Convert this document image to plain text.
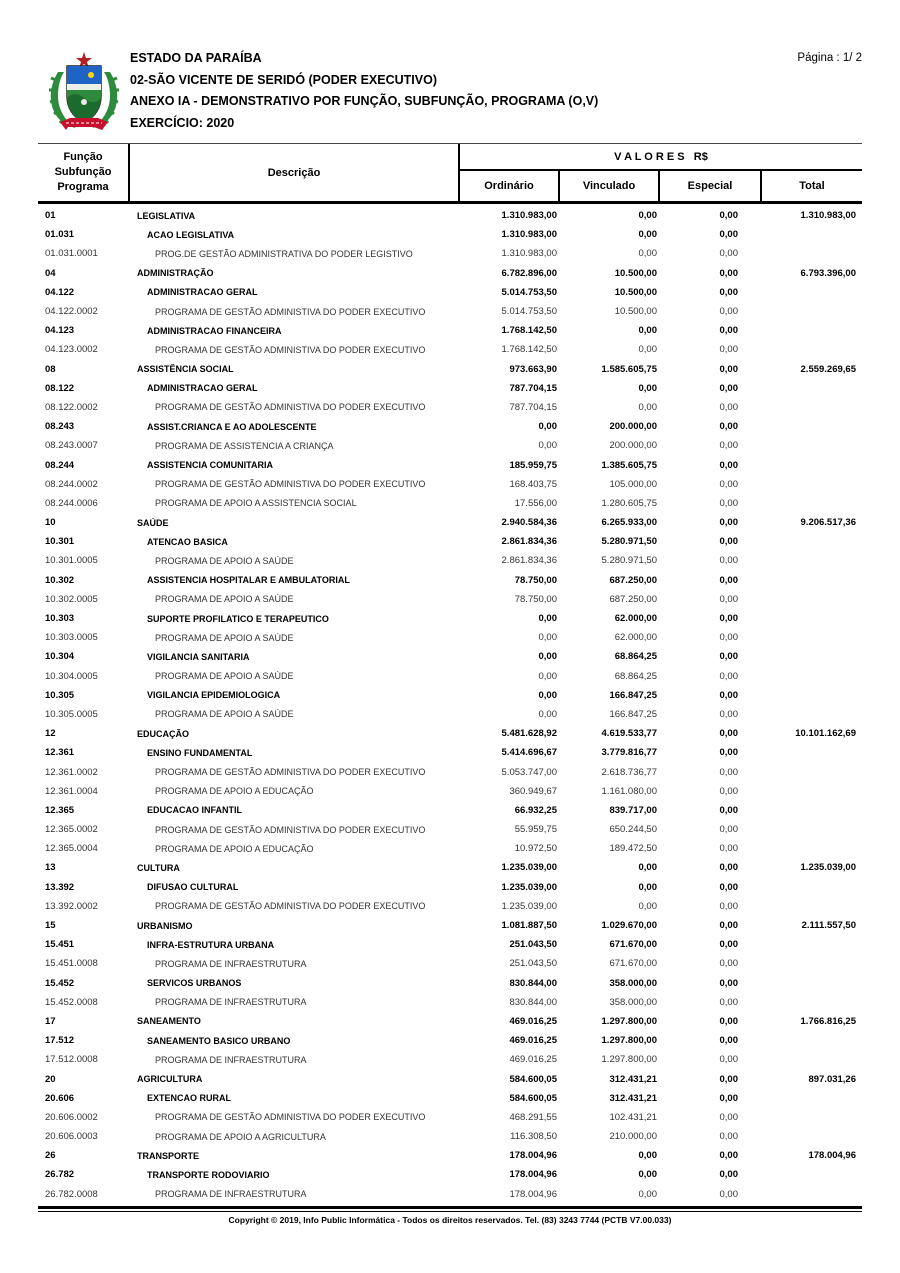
ESTADO DA PARAÍBA
02-SÃO VICENTE DE SERIDÓ (PODER EXECUTIVO)
ANEXO IA - DEMONSTRATIVO POR FUNÇÃO, SUBFUNÇÃO, PROGRAMA (O,V)
EXERCÍCIO: 2020
Página : 1/ 2
Função
Subfunção
Programa
Descrição
V A L O R E S   R$
Ordinário	Vinculado	Especial	Total
01	LEGISLATIVA	1.310.983,00	0,00	0,00	1.310.983,00
01.031	ACAO LEGISLATIVA	1.310.983,00	0,00	0,00
01.031.0001	PROG.DE GESTÃO ADMINISTRATIVA DO PODER LEGISTIVO	1.310.983,00	0,00	0,00
04	ADMINISTRAÇÃO	6.782.896,00	10.500,00	0,00	6.793.396,00
04.122	ADMINISTRACAO GERAL	5.014.753,50	10.500,00	0,00
04.122.0002	PROGRAMA DE GESTÃO ADMINISTIVA DO PODER EXECUTIVO	5.014.753,50	10.500,00	0,00
04.123	ADMINISTRACAO FINANCEIRA	1.768.142,50	0,00	0,00
04.123.0002	PROGRAMA DE GESTÃO ADMINISTIVA DO PODER EXECUTIVO	1.768.142,50	0,00	0,00
08	ASSISTÊNCIA SOCIAL	973.663,90	1.585.605,75	0,00	2.559.269,65
08.122	ADMINISTRACAO GERAL	787.704,15	0,00	0,00
08.122.0002	PROGRAMA DE GESTÃO ADMINISTIVA DO PODER EXECUTIVO	787.704,15	0,00	0,00
08.243	ASSIST.CRIANCA E AO ADOLESCENTE	0,00	200.000,00	0,00
08.243.0007	PROGRAMA DE ASSISTENCIA A CRIANÇA	0,00	200.000,00	0,00
08.244	ASSISTENCIA COMUNITARIA	185.959,75	1.385.605,75	0,00
08.244.0002	PROGRAMA DE GESTÃO ADMINISTIVA DO PODER EXECUTIVO	168.403,75	105.000,00	0,00
08.244.0006	PROGRAMA DE APOIO A ASSISTENCIA SOCIAL	17.556,00	1.280.605,75	0,00
10	SAÚDE	2.940.584,36	6.265.933,00	0,00	9.206.517,36
10.301	ATENCAO BASICA	2.861.834,36	5.280.971,50	0,00
10.301.0005	PROGRAMA DE APOIO A SAÚDE	2.861.834,36	5.280.971,50	0,00
10.302	ASSISTENCIA HOSPITALAR E AMBULATORIAL	78.750,00	687.250,00	0,00
10.302.0005	PROGRAMA DE APOIO A SAÚDE	78.750,00	687.250,00	0,00
10.303	SUPORTE PROFILATICO E TERAPEUTICO	0,00	62.000,00	0,00
10.303.0005	PROGRAMA DE APOIO A SAÚDE	0,00	62.000,00	0,00
10.304	VIGILANCIA SANITARIA	0,00	68.864,25	0,00
10.304.0005	PROGRAMA DE APOIO A SAÚDE	0,00	68.864,25	0,00
10.305	VIGILANCIA EPIDEMIOLOGICA	0,00	166.847,25	0,00
10.305.0005	PROGRAMA DE APOIO A SAÚDE	0,00	166.847,25	0,00
12	EDUCAÇÃO	5.481.628,92	4.619.533,77	0,00	10.101.162,69
12.361	ENSINO FUNDAMENTAL	5.414.696,67	3.779.816,77	0,00
12.361.0002	PROGRAMA DE GESTÃO ADMINISTIVA DO PODER EXECUTIVO	5.053.747,00	2.618.736,77	0,00
12.361.0004	PROGRAMA DE APOIO A EDUCAÇÃO	360.949,67	1.161.080,00	0,00
12.365	EDUCACAO INFANTIL	66.932,25	839.717,00	0,00
12.365.0002	PROGRAMA DE GESTÃO ADMINISTIVA DO PODER EXECUTIVO	55.959,75	650.244,50	0,00
12.365.0004	PROGRAMA DE APOIO A EDUCAÇÃO	10.972,50	189.472,50	0,00
13	CULTURA	1.235.039,00	0,00	0,00	1.235.039,00
13.392	DIFUSAO CULTURAL	1.235.039,00	0,00	0,00
13.392.0002	PROGRAMA DE GESTÃO ADMINISTIVA DO PODER EXECUTIVO	1.235.039,00	0,00	0,00
15	URBANISMO	1.081.887,50	1.029.670,00	0,00	2.111.557,50
15.451	INFRA-ESTRUTURA URBANA	251.043,50	671.670,00	0,00
15.451.0008	PROGRAMA DE INFRAESTRUTURA	251.043,50	671.670,00	0,00
15.452	SERVICOS URBANOS	830.844,00	358.000,00	0,00
15.452.0008	PROGRAMA DE INFRAESTRUTURA	830.844,00	358.000,00	0,00
17	SANEAMENTO	469.016,25	1.297.800,00	0,00	1.766.816,25
17.512	SANEAMENTO BASICO URBANO	469.016,25	1.297.800,00	0,00
17.512.0008	PROGRAMA DE INFRAESTRUTURA	469.016,25	1.297.800,00	0,00
20	AGRICULTURA	584.600,05	312.431,21	0,00	897.031,26
20.606	EXTENCAO RURAL	584.600,05	312.431,21	0,00
20.606.0002	PROGRAMA DE GESTÃO ADMINISTIVA DO PODER EXECUTIVO	468.291,55	102.431,21	0,00
20.606.0003	PROGRAMA DE APOIO A AGRICULTURA	116.308,50	210.000,00	0,00
26	TRANSPORTE	178.004,96	0,00	0,00	178.004,96
26.782	TRANSPORTE RODOVIARIO	178.004,96	0,00	0,00
26.782.0008	PROGRAMA DE INFRAESTRUTURA	178.004,96	0,00	0,00
Copyright © 2019, Info Public Informática - Todos os direitos reservados. Tel. (83) 3243 7744 (PCTB V7.00.033)
